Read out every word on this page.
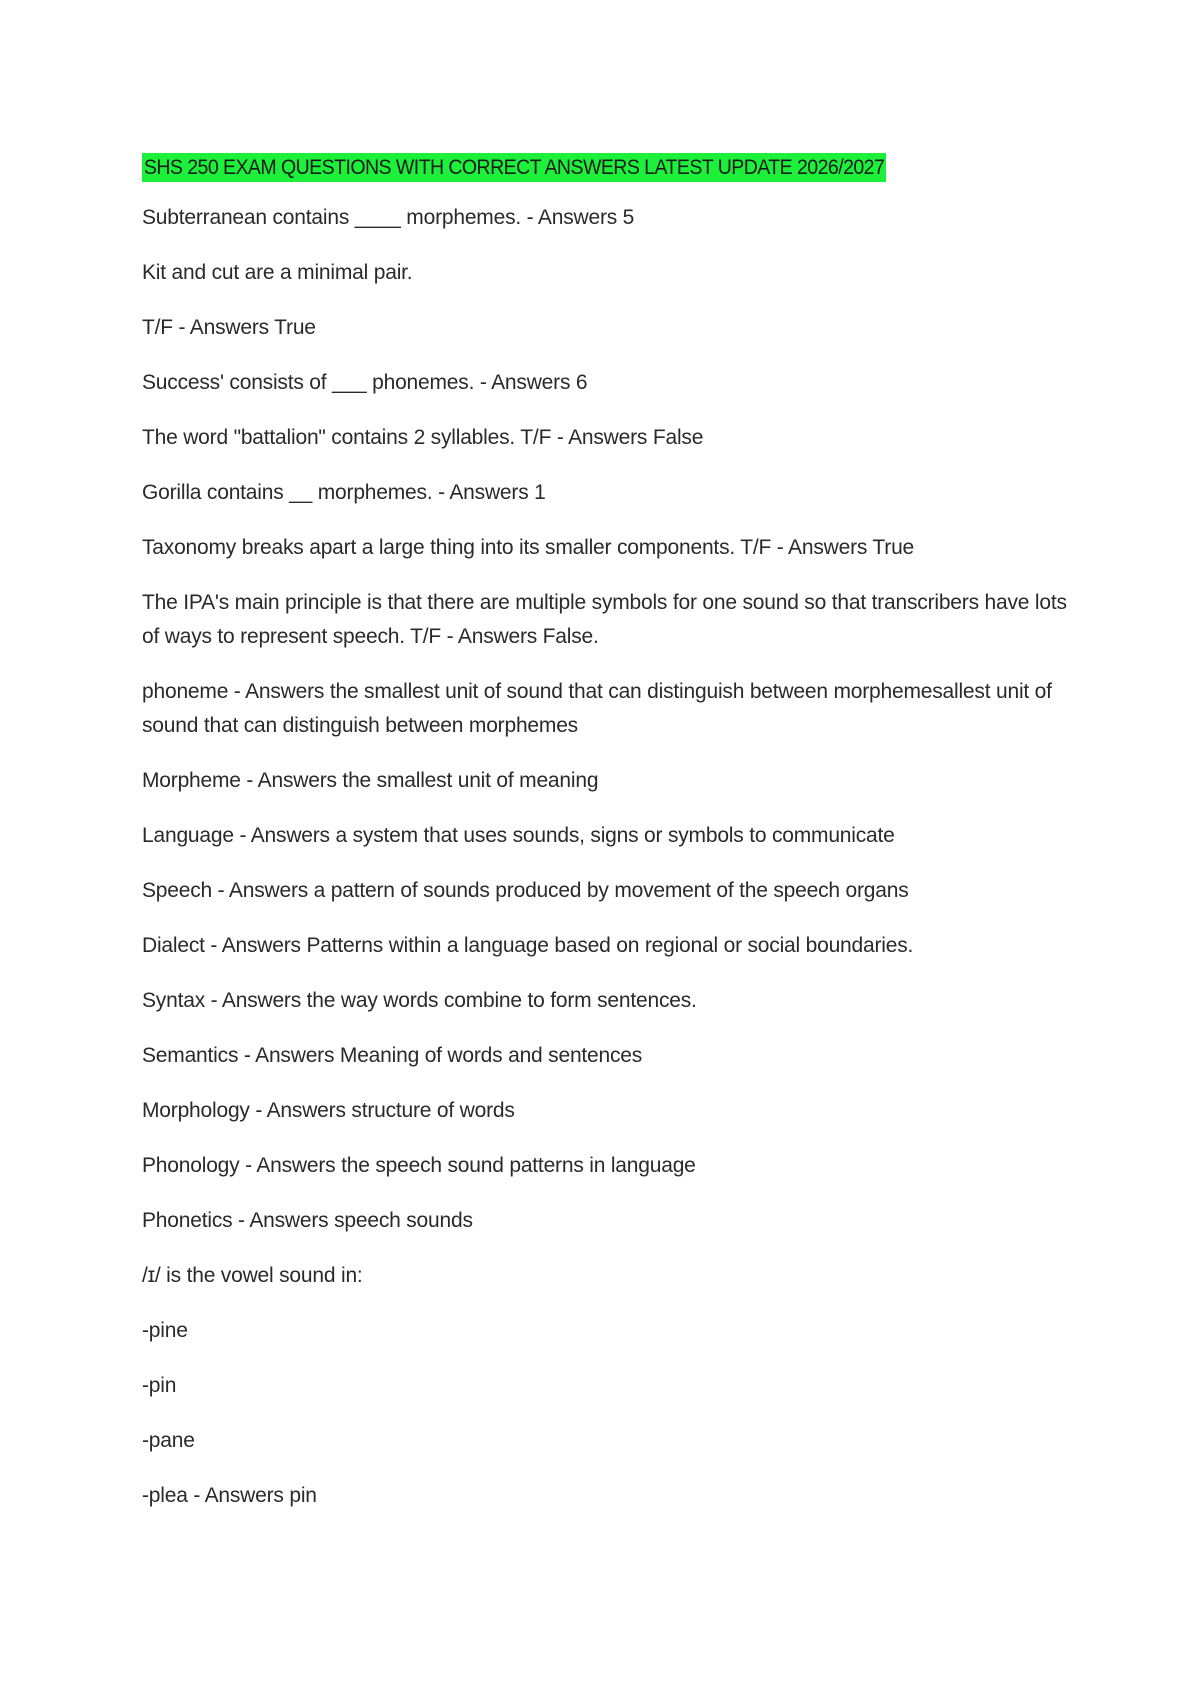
SHS 250 EXAM QUESTIONS WITH CORRECT ANSWERS LATEST UPDATE 2026/2027
Subterranean contains ____ morphemes. - Answers 5
Kit and cut are a minimal pair.
T/F - Answers True
Success' consists of ___ phonemes. - Answers 6
The word "battalion" contains 2 syllables. T/F - Answers False
Gorilla contains __ morphemes. - Answers 1
Taxonomy breaks apart a large thing into its smaller components. T/F - Answers True
The IPA's main principle is that there are multiple symbols for one sound so that transcribers have lots of ways to represent speech. T/F - Answers False.
phoneme - Answers the smallest unit of sound that can distinguish between morphemesallest unit of sound that can distinguish between morphemes
Morpheme - Answers the smallest unit of meaning
Language - Answers a system that uses sounds, signs or symbols to communicate
Speech - Answers a pattern of sounds produced by movement of the speech organs
Dialect - Answers Patterns within a language based on regional or social boundaries.
Syntax - Answers the way words combine to form sentences.
Semantics - Answers Meaning of words and sentences
Morphology - Answers structure of words
Phonology - Answers the speech sound patterns in language
Phonetics - Answers speech sounds
/ɪ/ is the vowel sound in:
-pine
-pin
-pane
-plea - Answers pin
